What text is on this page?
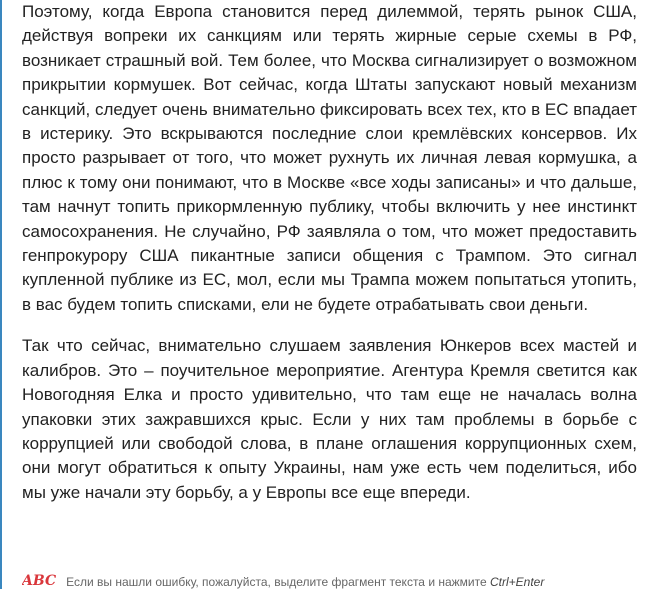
Поэтому, когда Европа становится перед дилеммой, терять рынок США, действуя вопреки их санкциям или терять жирные серые схемы в РФ, возникает страшный вой. Тем более, что Москва сигнализирует о возможном прикрытии кормушек. Вот сейчас, когда Штаты запускают новый механизм санкций, следует очень внимательно фиксировать всех тех, кто в ЕС впадает в истерику. Это вскрываются последние слои кремлёвских консервов. Их просто разрывает от того, что может рухнуть их личная левая кормушка, а плюс к тому они понимают, что в Москве «все ходы записаны» и что дальше, там начнут топить прикормленную публику, чтобы включить у нее инстинкт самосохранения. Не случайно, РФ заявляла о том, что может предоставить генпрокурору США пикантные записи общения с Трампом. Это сигнал купленной публике из ЕС, мол, если мы Трампа можем попытаться утопить, в вас будем топить списками, ели не будете отрабатывать свои деньги.

Так что сейчас, внимательно слушаем заявления Юнкеров всех мастей и калибров. Это – поучительное мероприятие. Агентура Кремля светится как Новогодняя Елка и просто удивительно, что там еще не началась волна упаковки этих зажравшихся крыс. Если у них там проблемы в борьбе с коррупцией или свободой слова, в плане оглашения коррупционных схем, они могут обратиться к опыту Украины, нам уже есть чем поделиться, ибо мы уже начали эту борьбу, а у Европы все еще впереди.

ABC Если вы нашли ошибку, пожалуйста, выделите фрагмент текста и нажмите Ctrl+Enter
